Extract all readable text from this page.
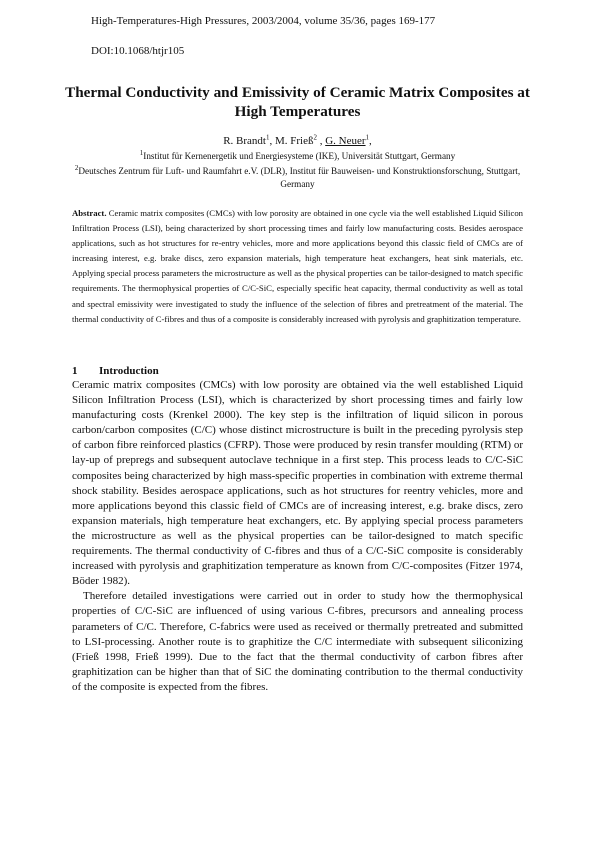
High-Temperatures-High Pressures, 2003/2004, volume 35/36, pages 169-177
DOI:10.1068/htjr105
Thermal Conductivity and Emissivity of Ceramic Matrix Composites at High Temperatures
R. Brandt$^1$, M. Frieß$^2$ , G. Neuer$^1$,
$^1$Institut für Kernenergetik und Energiesysteme (IKE), Universität Stuttgart, Germany
$^2$Deutsches Zentrum für Luft- und Raumfahrt e.V. (DLR), Institut für Bauweisen- und Konstruktionsforschung, Stuttgart, Germany
Abstract. Ceramic matrix composites (CMCs) with low porosity are obtained in one cycle via the well established Liquid Silicon Infiltration Process (LSI), being characterized by short processing times and fairly low manufacturing costs. Besides aerospace applications, such as hot structures for re-entry vehicles, more and more applications beyond this classic field of CMCs are of increasing interest, e.g. brake discs, zero expansion materials, high temperature heat exchangers, heat sink materials, etc. Applying special process parameters the microstructure as well as the physical properties can be tailor-designed to match specific requirements. The thermophysical properties of C/C-SiC, especially specific heat capacity, thermal conductivity as well as total and spectral emissivity were investigated to study the influence of the selection of fibres and pretreatment of the material. The thermal conductivity of C-fibres and thus of a composite is considerably increased with pyrolysis and graphitization temperature.
1 Introduction

Ceramic matrix composites (CMCs) with low porosity are obtained via the well established Liquid Silicon Infiltration Process (LSI), which is characterized by short processing times and fairly low manufacturing costs (Krenkel 2000). The key step is the infiltration of liquid silicon in porous carbon/carbon composites (C/C) whose distinct microstructure is built in the preceding pyrolysis step of carbon fibre reinforced plastics (CFRP). Those were produced by resin transfer moulding (RTM) or lay-up of prepregs and subsequent autoclave technique in a first step. This process leads to C/C-SiC composites being characterized by high mass-specific properties in combination with extreme thermal shock stability. Besides aerospace applications, such as hot structures for reentry vehicles, more and more applications beyond this classic field of CMCs are of increasing interest, e.g. brake discs, zero expansion materials, high temperature heat exchangers, etc. By applying special process parameters the microstructure as well as the physical properties can be tailor-designed to match specific requirements. The thermal conductivity of C-fibres and thus of a C/C-SiC composite is considerably increased with pyrolysis and graphitization temperature as known from C/C-composites (Fitzer 1974, Böder 1982).

Therefore detailed investigations were carried out in order to study how the thermophysical properties of C/C-SiC are influenced of using various C-fibres, precursors and annealing process parameters of C/C. Therefore, C-fabrics were used as received or thermally pretreated and submitted to LSI-processing. Another route is to graphitize the C/C intermediate with subsequent siliconizing (Frieß 1998, Frieß 1999). Due to the fact that the thermal conductivity of carbon fibres after graphitization can be higher than that of SiC the dominating contribution to the thermal conductivity of the composite is expected from the fibres.
